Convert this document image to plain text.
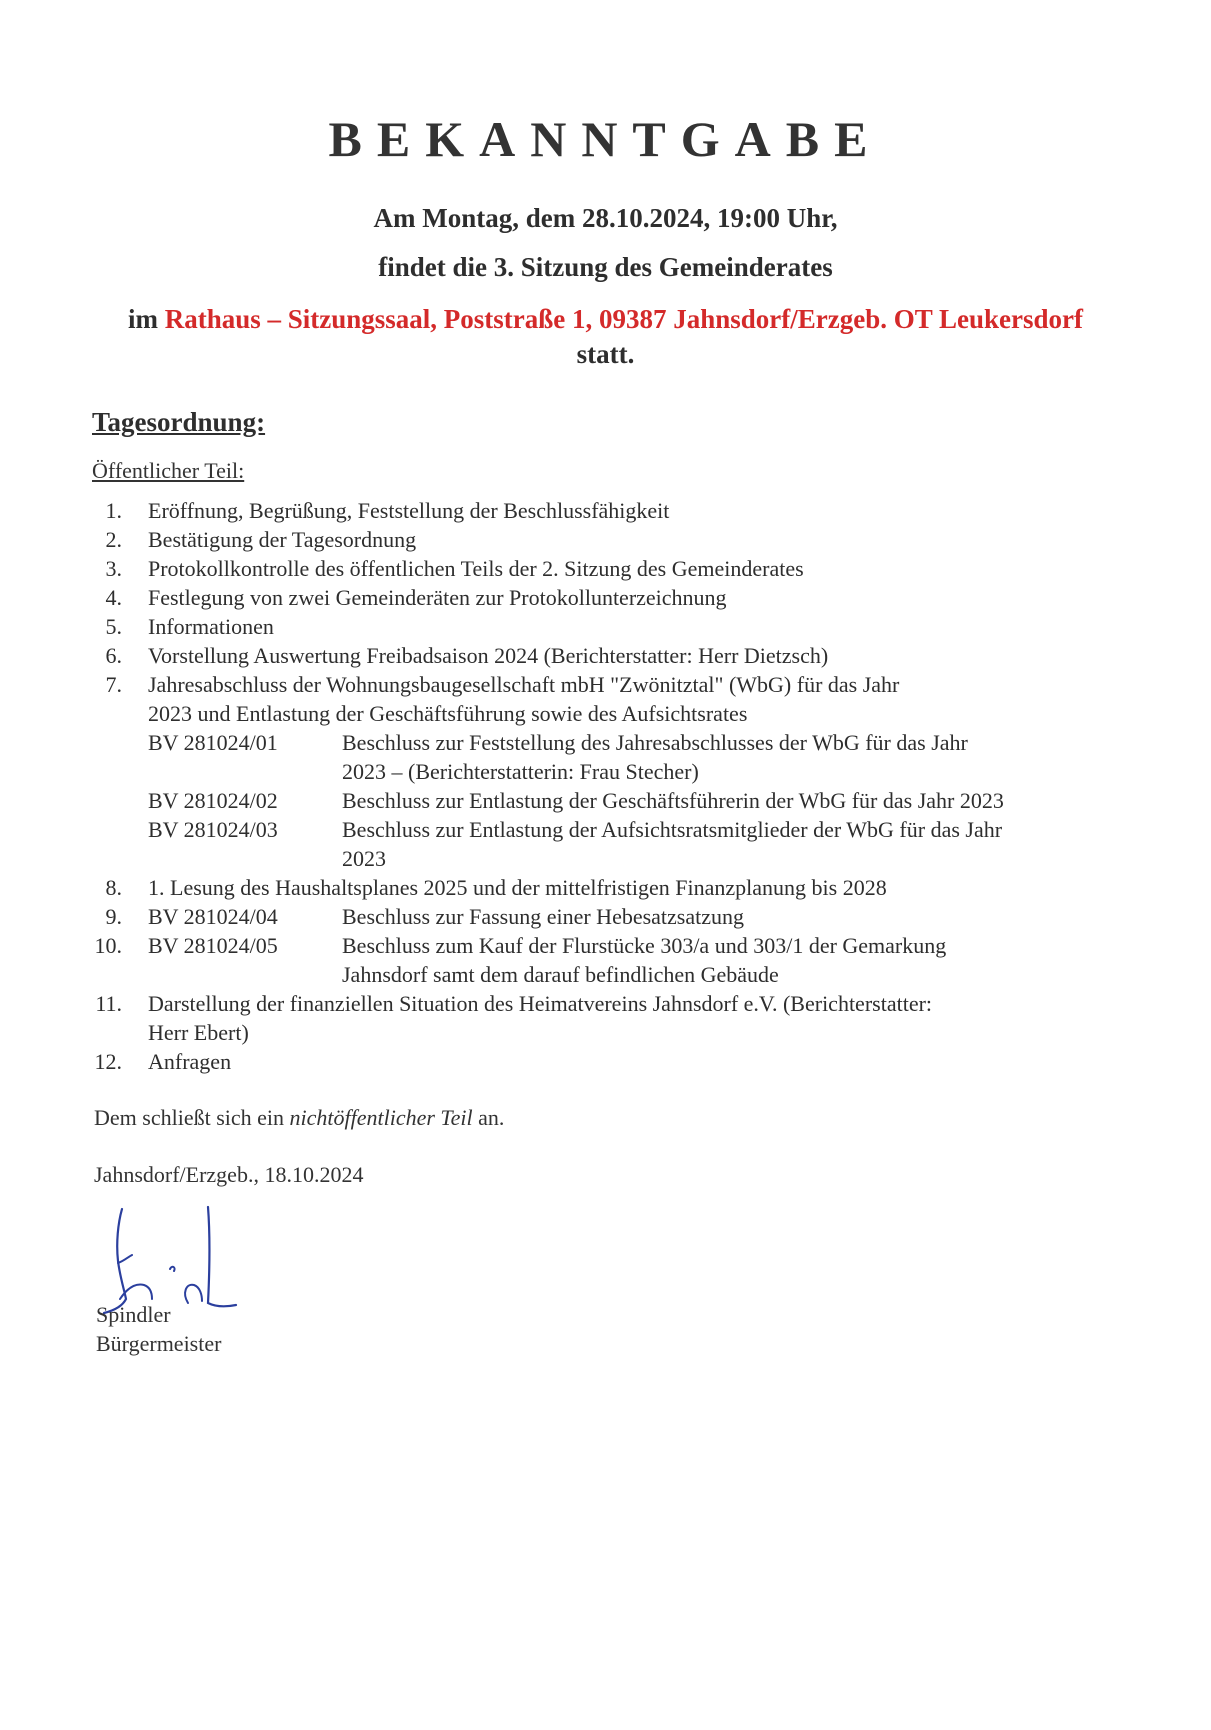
BEKANNTGABE
Am Montag, dem 28.10.2024, 19:00 Uhr,
findet die 3. Sitzung des Gemeinderates
im Rathaus – Sitzungssaal, Poststraße 1, 09387 Jahnsdorf/Erzgeb. OT Leukersdorf
statt.
Tagesordnung:
Öffentlicher Teil:
1. Eröffnung, Begrüßung, Feststellung der Beschlussfähigkeit
2. Bestätigung der Tagesordnung
3. Protokollkontrolle des öffentlichen Teils der 2. Sitzung des Gemeinderates
4. Festlegung von zwei Gemeinderäten zur Protokollunterzeichnung
5. Informationen
6. Vorstellung Auswertung Freibadsaison 2024 (Berichterstatter: Herr Dietzsch)
7. Jahresabschluss der Wohnungsbaugesellschaft mbH "Zwönitztal" (WbG) für das Jahr
2023 und Entlastung der Geschäftsführung sowie des Aufsichtsrates
BV 281024/01	Beschluss zur Feststellung des Jahresabschlusses der WbG für das Jahr
2023 – (Berichterstatterin: Frau Stecher)
BV 281024/02	Beschluss zur Entlastung der Geschäftsführerin der WbG für das Jahr 2023
BV 281024/03	Beschluss zur Entlastung der Aufsichtsratsmitglieder der WbG für das Jahr
2023
8. 1. Lesung des Haushaltsplanes 2025 und der mittelfristigen Finanzplanung bis 2028
9. BV 281024/04	Beschluss zur Fassung einer Hebesatzsatzung
10. BV 281024/05	Beschluss zum Kauf der Flurstücke 303/a und 303/1 der Gemarkung
Jahnsdorf samt dem darauf befindlichen Gebäude
11. Darstellung der finanziellen Situation des Heimatvereins Jahnsdorf e.V. (Berichterstatter:
Herr Ebert)
12. Anfragen
Dem schließt sich ein nichtöffentlicher Teil an.
Jahnsdorf/Erzgeb., 18.10.2024
Spindler
Bürgermeister
